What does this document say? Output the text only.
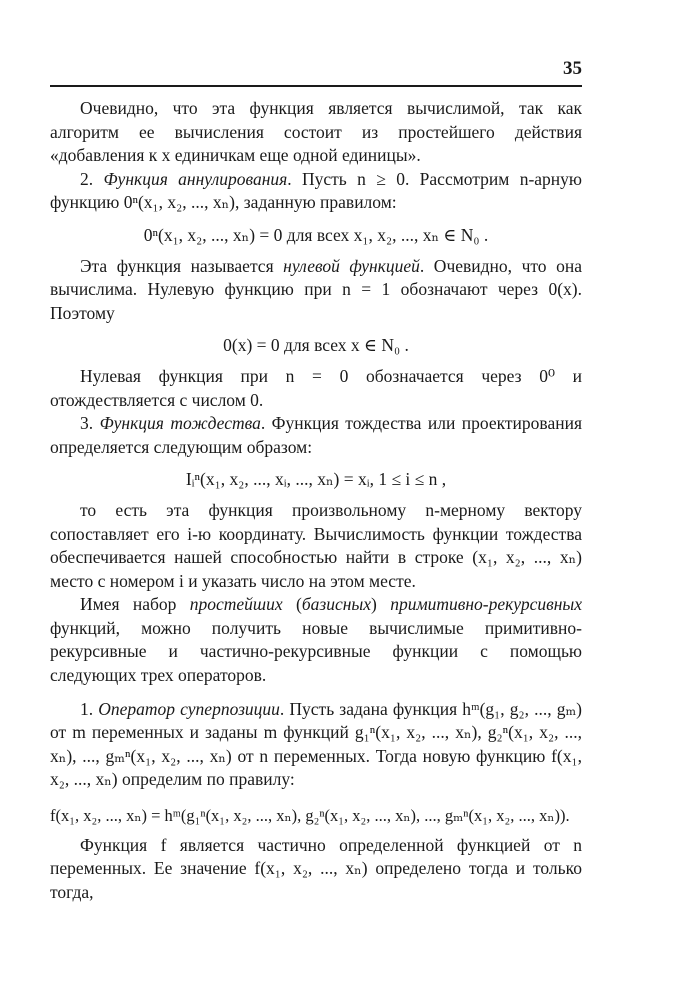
35

Очевидно, что эта функция является вычислимой, так как алгоритм ее вычисления состоит из простейшего действия «добавления к x единичкам еще одной единицы».

2. Функция аннулирования. Пусть n ≥ 0. Рассмотрим n-арную функцию 0ⁿ(x₁, x₂, ..., xₙ), заданную правилом:

0ⁿ(x₁, x₂, ..., xₙ) = 0 для всех x₁, x₂, ..., xₙ ∈ N₀ .

Эта функция называется нулевой функцией. Очевидно, что она вычислима. Нулевую функцию при n = 1 обозначают через 0(x). Поэтому

0(x) = 0 для всех x ∈ N₀ .

Нулевая функция при n = 0 обозначается через 0⁰ и отождествляется с числом 0.

3. Функция тождества. Функция тождества или проектирования определяется следующим образом:

Iᵢⁿ(x₁, x₂, ..., xᵢ, ..., xₙ) = xᵢ, 1 ≤ i ≤ n ,

то есть эта функция произвольному n-мерному вектору сопоставляет его i-ю координату. Вычислимость функции тождества обеспечивается нашей способностью найти в строке (x₁, x₂, ..., xₙ) место с номером i и указать число на этом месте.

Имея набор простейших (базисных) примитивно-рекурсивных функций, можно получить новые вычислимые примитивно-рекурсивные и частично-рекурсивные функции с помощью следующих трех операторов.

1. Оператор суперпозиции. Пусть задана функция hᵐ(g₁, g₂, ..., gₘ) от m переменных и заданы m функций g₁ⁿ(x₁, x₂, ..., xₙ), g₂ⁿ(x₁, x₂, ..., xₙ), ..., gₘⁿ(x₁, x₂, ..., xₙ) от n переменных. Тогда новую функцию f(x₁, x₂, ..., xₙ) определим по правилу:

f(x₁, x₂, ..., xₙ) = hᵐ(g₁ⁿ(x₁, x₂, ..., xₙ), g₂ⁿ(x₁, x₂, ..., xₙ), ..., gₘⁿ(x₁, x₂, ..., xₙ)).

Функция f является частично определенной функцией от n переменных. Ее значение f(x₁, x₂, ..., xₙ) определено тогда и только тогда,
